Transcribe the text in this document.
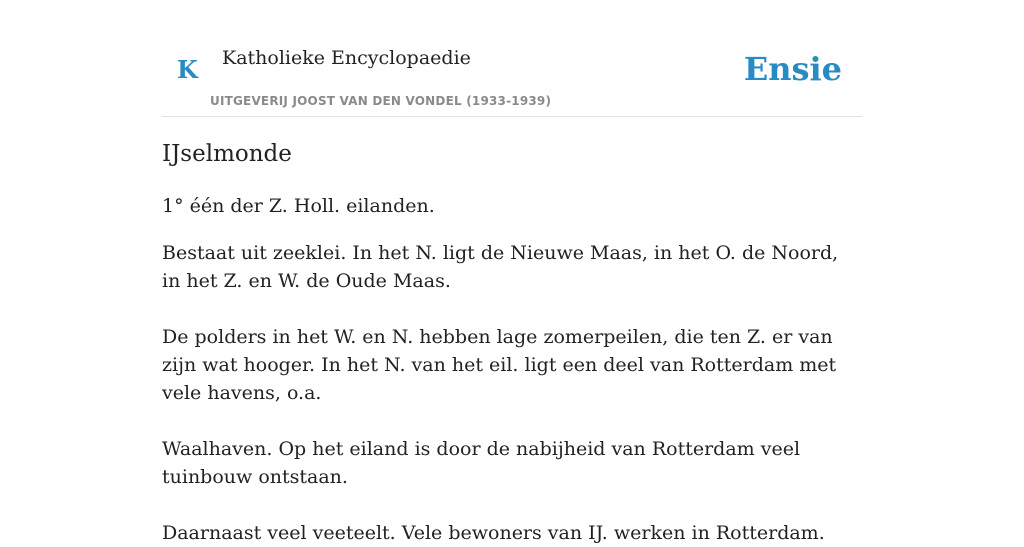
K Katholieke Encyclopaedie
UITGEVERIJ JOOST VAN DEN VONDEL (1933-1939)
Ensie
IJselmonde

1° één der Z. Holl. eilanden.

Bestaat uit zeeklei. In het N. ligt de Nieuwe Maas, in het O. de Noord, in het Z. en W. de Oude Maas.

De polders in het W. en N. hebben lage zomerpeilen, die ten Z. er van zijn wat hooger. In het N. van het eil. ligt een deel van Rotterdam met vele havens, o.a.

Waalhaven. Op het eiland is door de nabijheid van Rotterdam veel tuinbouw ontstaan.

Daarnaast veel veeteelt. Vele bewoners van IJ. werken in Rotterdam.
